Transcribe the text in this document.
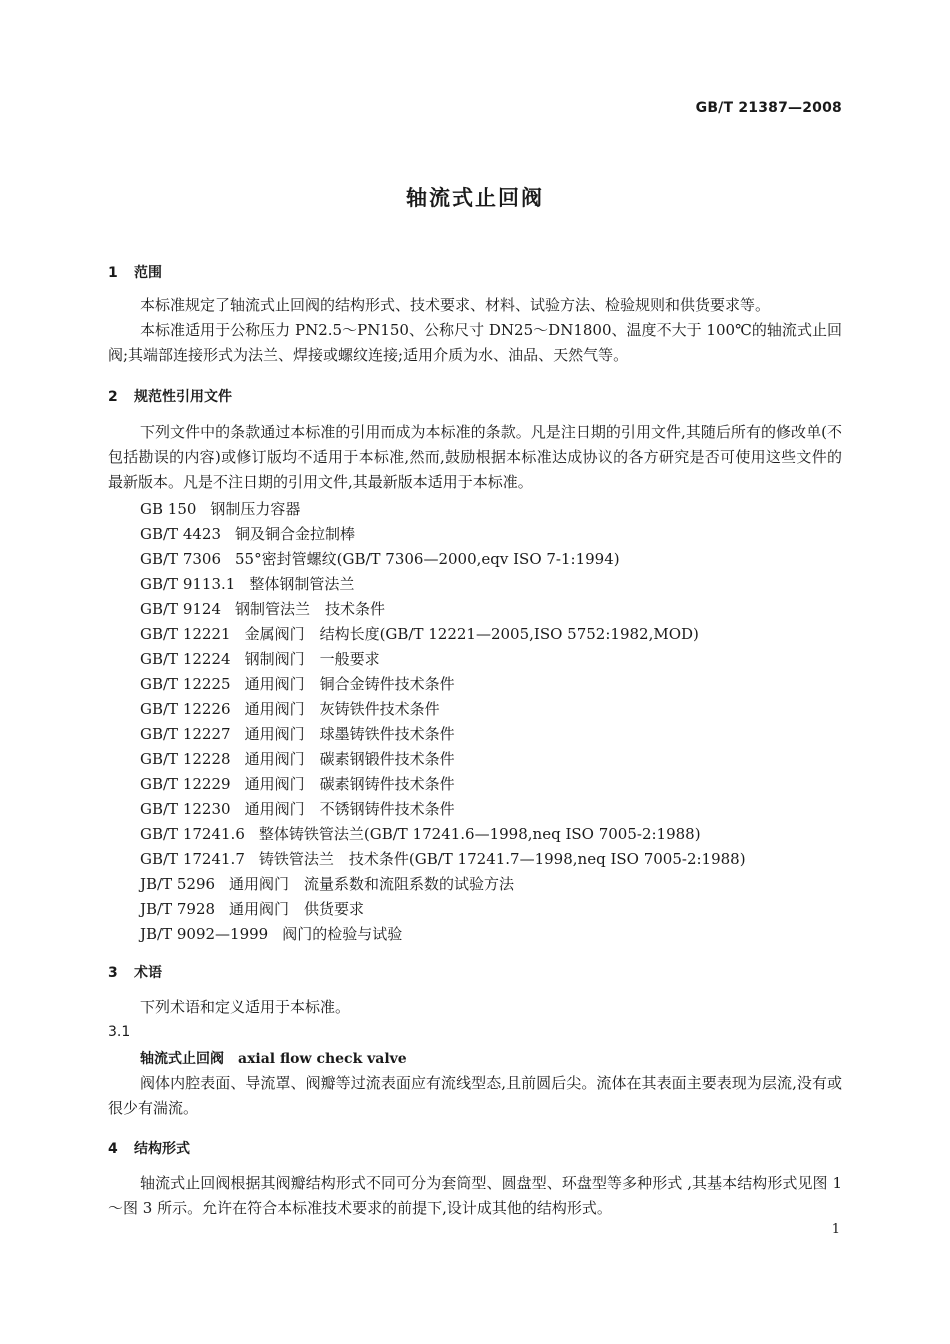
GB/T 21387—2008
轴流式止回阀
1 范围
本标准规定了轴流式止回阀的结构形式、技术要求、材料、试验方法、检验规则和供货要求等。
本标准适用于公称压力 PN2.5～PN150、公称尺寸 DN25～DN1800、温度不大于 100℃的轴流式止回阀;其端部连接形式为法兰、焊接或螺纹连接;适用介质为水、油品、天然气等。
2 规范性引用文件
下列文件中的条款通过本标准的引用而成为本标准的条款。凡是注日期的引用文件,其随后所有的修改单(不包括勘误的内容)或修订版均不适用于本标准,然而,鼓励根据本标准达成协议的各方研究是否可使用这些文件的最新版本。凡是不注日期的引用文件,其最新版本适用于本标准。
GB 150 钢制压力容器
GB/T 4423 铜及铜合金拉制棒
GB/T 7306 55°密封管螺纹(GB/T 7306—2000,eqv ISO 7-1:1994)
GB/T 9113.1 整体钢制管法兰
GB/T 9124 钢制管法兰　技术条件
GB/T 12221 金属阀门　结构长度(GB/T 12221—2005,ISO 5752:1982,MOD)
GB/T 12224 钢制阀门　一般要求
GB/T 12225 通用阀门　铜合金铸件技术条件
GB/T 12226 通用阀门　灰铸铁件技术条件
GB/T 12227 通用阀门　球墨铸铁件技术条件
GB/T 12228 通用阀门　碳素钢锻件技术条件
GB/T 12229 通用阀门　碳素钢铸件技术条件
GB/T 12230 通用阀门　不锈钢铸件技术条件
GB/T 17241.6 整体铸铁管法兰(GB/T 17241.6—1998,neq ISO 7005-2:1988)
GB/T 17241.7 铸铁管法兰　技术条件(GB/T 17241.7—1998,neq ISO 7005-2:1988)
JB/T 5296 通用阀门　流量系数和流阻系数的试验方法
JB/T 7928 通用阀门　供货要求
JB/T 9092—1999 阀门的检验与试验
3 术语
下列术语和定义适用于本标准。
3.1
轴流式止回阀 axial flow check valve
阀体内腔表面、导流罩、阀瓣等过流表面应有流线型态,且前圆后尖。流体在其表面主要表现为层流,没有或很少有湍流。
4 结构形式
轴流式止回阀根据其阀瓣结构形式不同可分为套筒型、圆盘型、环盘型等多种形式 ,其基本结构形式见图 1～图 3 所示。允许在符合本标准技术要求的前提下,设计成其他的结构形式。
1
